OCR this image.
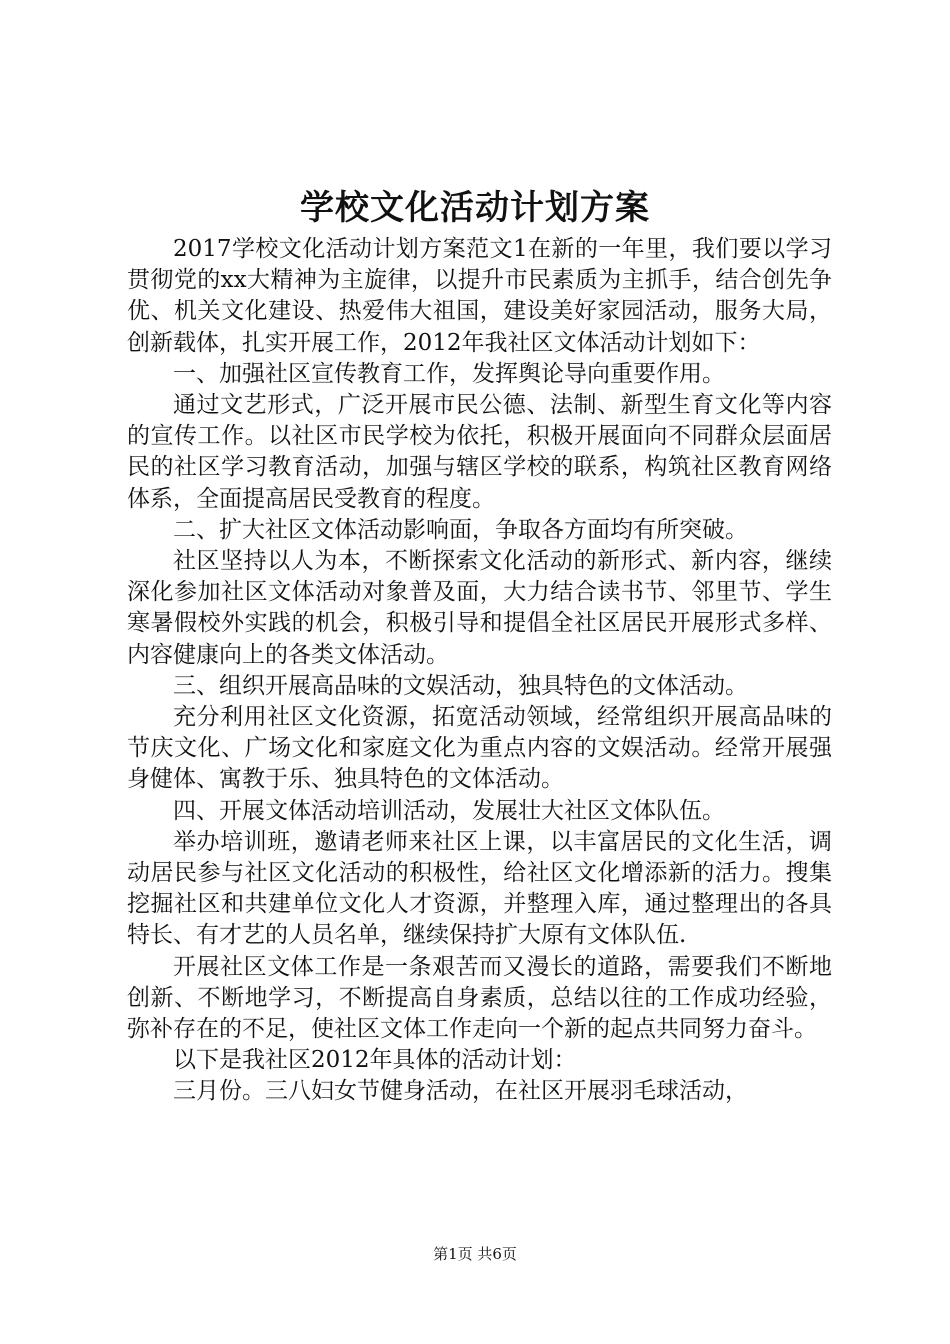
学校文化活动计划方案

2017学校文化活动计划方案范文1在新的一年里，我们要以学习贯彻党的xx大精神为主旋律，以提升市民素质为主抓手，结合创先争优、机关文化建设、热爱伟大祖国，建设美好家园活动，服务大局，创新载体，扎实开展工作，2012年我社区文体活动计划如下：

一、加强社区宣传教育工作，发挥舆论导向重要作用。

通过文艺形式，广泛开展市民公德、法制、新型生育文化等内容的宣传工作。以社区市民学校为依托，积极开展面向不同群众层面居民的社区学习教育活动，加强与辖区学校的联系，构筑社区教育网络体系，全面提高居民受教育的程度。

二、扩大社区文体活动影响面，争取各方面均有所突破。

社区坚持以人为本，不断探索文化活动的新形式、新内容，继续深化参加社区文体活动对象普及面，大力结合读书节、邻里节、学生寒暑假校外实践的机会，积极引导和提倡全社区居民开展形式多样、内容健康向上的各类文体活动。

三、组织开展高品味的文娱活动，独具特色的文体活动。

充分利用社区文化资源，拓宽活动领域，经常组织开展高品味的节庆文化、广场文化和家庭文化为重点内容的文娱活动。经常开展强身健体、寓教于乐、独具特色的文体活动。

四、开展文体活动培训活动，发展壮大社区文体队伍。

举办培训班，邀请老师来社区上课，以丰富居民的文化生活，调动居民参与社区文化活动的积极性，给社区文化增添新的活力。搜集挖掘社区和共建单位文化人才资源，并整理入库，通过整理出的各具特长、有才艺的人员名单，继续保持扩大原有文体队伍.

开展社区文体工作是一条艰苦而又漫长的道路，需要我们不断地创新、不断地学习，不断提高自身素质，总结以往的工作成功经验，弥补存在的不足，使社区文体工作走向一个新的起点共同努力奋斗。

以下是我社区2012年具体的活动计划：

三月份。三八妇女节健身活动，在社区开展羽毛球活动，

第1页 共6页
